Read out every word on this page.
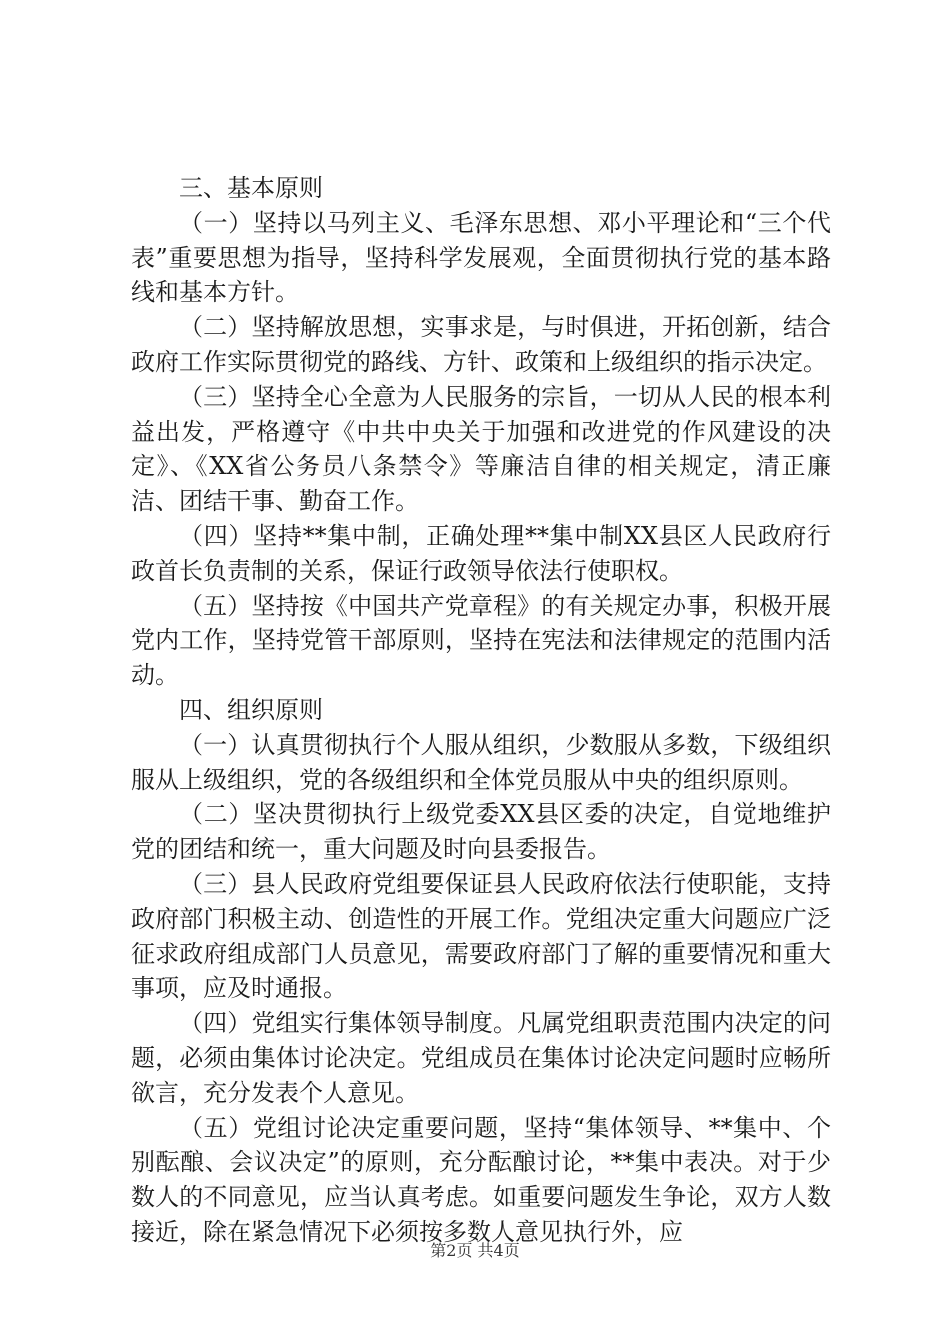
三、基本原则

（一）坚持以马列主义、毛泽东思想、邓小平理论和“三个代表”重要思想为指导，坚持科学发展观，全面贯彻执行党的基本路线和基本方针。

（二）坚持解放思想，实事求是，与时俱进，开拓创新，结合政府工作实际贯彻党的路线、方针、政策和上级组织的指示决定。

（三）坚持全心全意为人民服务的宗旨，一切从人民的根本利益出发，严格遵守《中共中央关于加强和改进党的作风建设的决定》、《XX省公务员八条禁令》等廉洁自律的相关规定，清正廉洁、团结干事、勤奋工作。

（四）坚持**集中制，正确处理**集中制XX县区人民政府行政首长负责制的关系，保证行政领导依法行使职权。

（五）坚持按《中国共产党章程》的有关规定办事，积极开展党内工作，坚持党管干部原则，坚持在宪法和法律规定的范围内活动。

四、组织原则

（一）认真贯彻执行个人服从组织，少数服从多数，下级组织服从上级组织，党的各级组织和全体党员服从中央的组织原则。

（二）坚决贯彻执行上级党委XX县区委的决定，自觉地维护党的团结和统一，重大问题及时向县委报告。

（三）县人民政府党组要保证县人民政府依法行使职能，支持政府部门积极主动、创造性的开展工作。党组决定重大问题应广泛征求政府组成部门人员意见，需要政府部门了解的重要情况和重大事项，应及时通报。

（四）党组实行集体领导制度。凡属党组职责范围内决定的问题，必须由集体讨论决定。党组成员在集体讨论决定问题时应畅所欲言，充分发表个人意见。

（五）党组讨论决定重要问题，坚持“集体领导、**集中、个别酝酿、会议决定”的原则，充分酝酿讨论，**集中表决。对于少数人的不同意见，应当认真考虑。如重要问题发生争论，双方人数接近，除在紧急情况下必须按多数人意见执行外，应

第2页 共4页
